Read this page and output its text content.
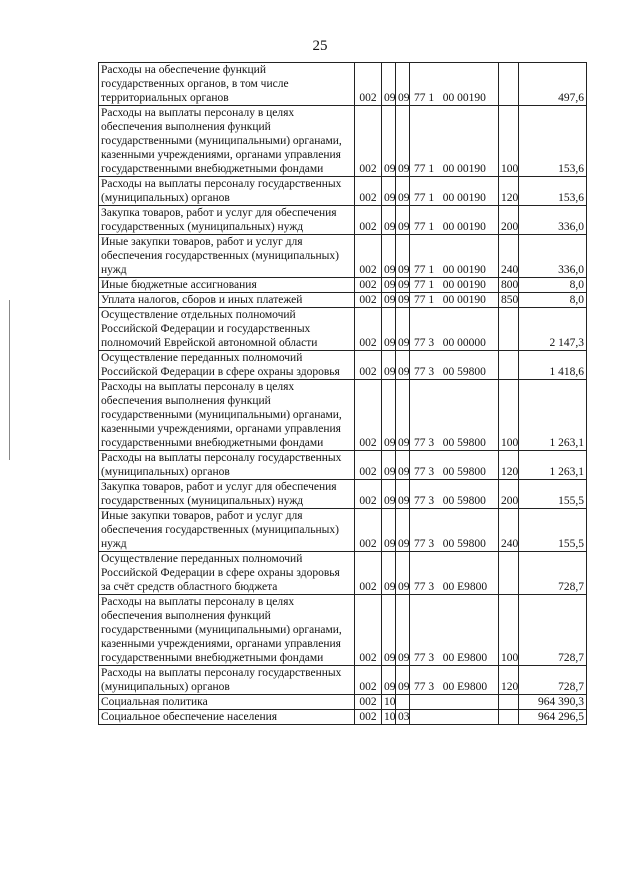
25
Расходы на обеспечение функций государственных органов, в том числе территориальных органов	002	09	09	77 1   00 00190		497,6
Расходы на выплаты персоналу в целях обеспечения выполнения функций государственными (муниципальными) органами, казенными учреждениями, органами управления государственными внебюджетными фондами	002	09	09	77 1   00 00190	100	153,6
Расходы на выплаты персоналу государственных (муниципальных) органов	002	09	09	77 1   00 00190	120	153,6
Закупка товаров, работ и услуг для обеспечения государственных (муниципальных) нужд	002	09	09	77 1   00 00190	200	336,0
Иные закупки товаров, работ и услуг для обеспечения государственных (муниципальных) нужд	002	09	09	77 1   00 00190	240	336,0
Иные бюджетные ассигнования	002	09	09	77 1   00 00190	800	8,0
Уплата налогов, сборов и иных платежей	002	09	09	77 1   00 00190	850	8,0
Осуществление отдельных полномочий Российской Федерации и государственных полномочий Еврейской автономной области	002	09	09	77 3   00 00000		2 147,3
Осуществление переданных полномочий Российской Федерации в сфере охраны здоровья	002	09	09	77 3   00 59800		1 418,6
Расходы на выплаты персоналу в целях обеспечения выполнения функций государственными (муниципальными) органами, казенными учреждениями, органами управления государственными внебюджетными фондами	002	09	09	77 3   00 59800	100	1 263,1
Расходы на выплаты персоналу государственных (муниципальных) органов	002	09	09	77 3   00 59800	120	1 263,1
Закупка товаров, работ и услуг для обеспечения государственных (муниципальных) нужд	002	09	09	77 3   00 59800	200	155,5
Иные закупки товаров, работ и услуг для обеспечения государственных (муниципальных) нужд	002	09	09	77 3   00 59800	240	155,5
Осуществление переданных полномочий Российской Федерации в сфере охраны здоровья за счёт средств областного бюджета	002	09	09	77 3   00 Е9800		728,7
Расходы на выплаты персоналу в целях обеспечения выполнения функций государственными (муниципальными) органами, казенными учреждениями, органами управления государственными внебюджетными фондами	002	09	09	77 3   00 Е9800	100	728,7
Расходы на выплаты персоналу государственных (муниципальных) органов	002	09	09	77 3   00 Е9800	120	728,7
Социальная политика	002	10				964 390,3
Социальное обеспечение населения	002	10	03			964 296,5
